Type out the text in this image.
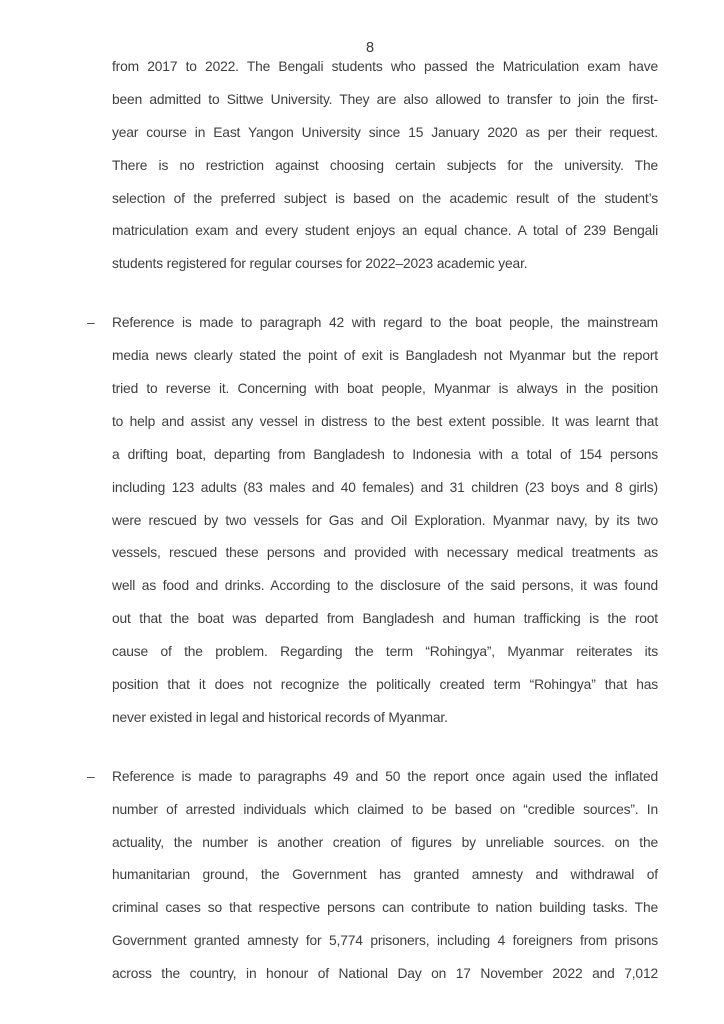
8
from 2017 to 2022. The Bengali students who passed the Matriculation exam have
been admitted to Sittwe University. They are also allowed to transfer to join the first-
year course in East Yangon University since 15 January 2020 as per their request.
There is no restriction against choosing certain subjects for the university. The
selection of the preferred subject is based on the academic result of the student’s
matriculation exam and every student enjoys an equal chance. A total of 239 Bengali
students registered for regular courses for 2022–2023 academic year.
– Reference is made to paragraph 42 with regard to the boat people, the mainstream
media news clearly stated the point of exit is Bangladesh not Myanmar but the report
tried to reverse it. Concerning with boat people, Myanmar is always in the position
to help and assist any vessel in distress to the best extent possible. It was learnt that
a drifting boat, departing from Bangladesh to Indonesia with a total of 154 persons
including 123 adults (83 males and 40 females) and 31 children (23 boys and 8 girls)
were rescued by two vessels for Gas and Oil Exploration. Myanmar navy, by its two
vessels, rescued these persons and provided with necessary medical treatments as
well as food and drinks. According to the disclosure of the said persons, it was found
out that the boat was departed from Bangladesh and human trafficking is the root
cause of the problem. Regarding the term “Rohingya”, Myanmar reiterates its
position that it does not recognize the politically created term “Rohingya” that has
never existed in legal and historical records of Myanmar.
– Reference is made to paragraphs 49 and 50 the report once again used the inflated
number of arrested individuals which claimed to be based on “credible sources”. In
actuality, the number is another creation of figures by unreliable sources. on the
humanitarian ground, the Government has granted amnesty and withdrawal of
criminal cases so that respective persons can contribute to nation building tasks. The
Government granted amnesty for 5,774 prisoners, including 4 foreigners from prisons
across the country, in honour of National Day on 17 November 2022 and 7,012
